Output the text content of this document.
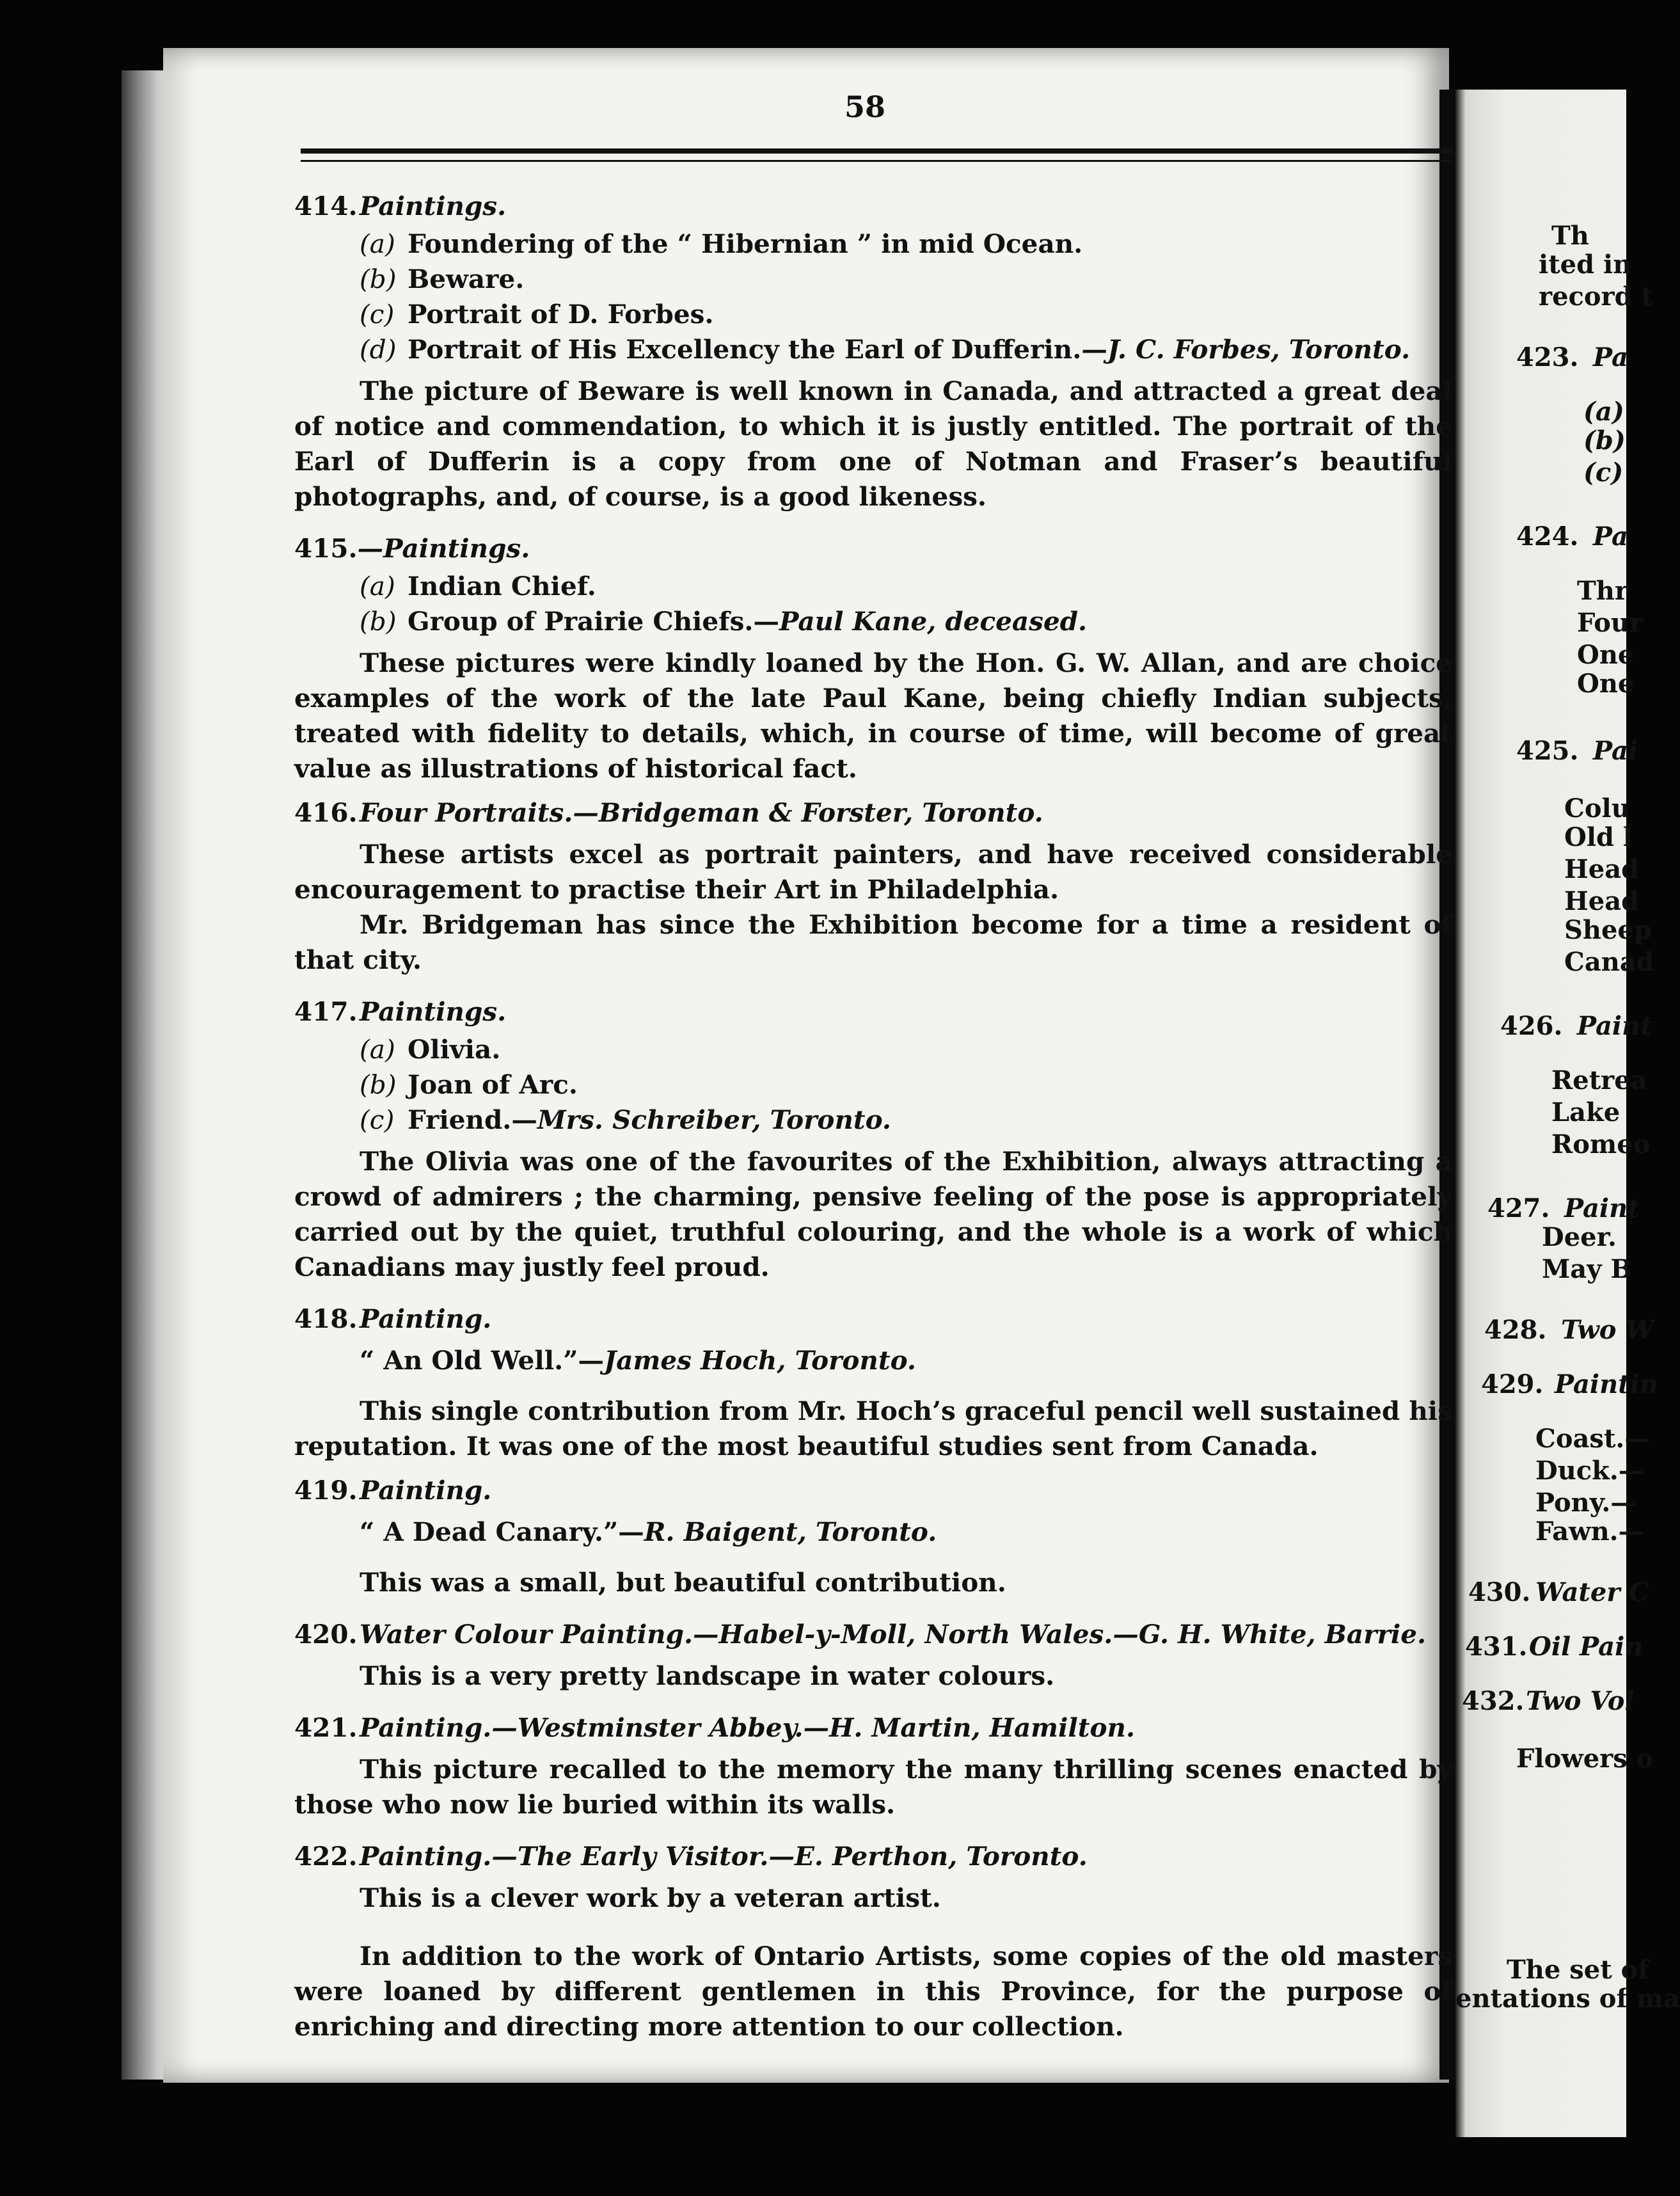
58
414.Paintings.
(a) Foundering of the “ Hibernian ” in mid Ocean.
(b) Beware.
(c) Portrait of D. Forbes.
(d) Portrait of His Excellency the Earl of Dufferin.—J. C. Forbes, Toronto.

The picture of Beware is well known in Canada, and attracted a great deal of notice and commendation, to which it is justly entitled. The portrait of the Earl of Dufferin is a copy from one of Notman and Fraser’s beautiful photographs, and, of course, is a good likeness.

415.—Paintings.
(a) Indian Chief.
(b) Group of Prairie Chiefs.—Paul Kane, deceased.

These pictures were kindly loaned by the Hon. G. W. Allan, and are choice examples of the work of the late Paul Kane, being chiefly Indian subjects, treated with fidelity to details, which, in course of time, will become of great value as illustrations of historical fact.

416.Four Portraits.—Bridgeman & Forster, Toronto.

These artists excel as portrait painters, and have received considerable encouragement to practise their Art in Philadelphia.

Mr. Bridgeman has since the Exhibition become for a time a resident of that city.

417.Paintings.
(a) Olivia.
(b) Joan of Arc.
(c) Friend.—Mrs. Schreiber, Toronto.

The Olivia was one of the favourites of the Exhibition, always attracting a crowd of admirers ; the charming, pensive feeling of the pose is appropriately carried out by the quiet, truthful colouring, and the whole is a work of which Canadians may justly feel proud.

418.Painting.
“ An Old Well.”—James Hoch, Toronto.

This single contribution from Mr. Hoch’s graceful pencil well sustained his reputation. It was one of the most beautiful studies sent from Canada.

419.Painting.
“ A Dead Canary.”—R. Baigent, Toronto.

This was a small, but beautiful contribution.

420.Water Colour Painting.—Habel-y-Moll, North Wales.—G. H. White, Barrie.

This is a very pretty landscape in water colours.

421.Painting.—Westminster Abbey.—H. Martin, Hamilton.

This picture recalled to the memory the many thrilling scenes enacted by those who now lie buried within its walls.

422.Painting.—The Early Visitor.—E. Perthon, Toronto.

This is a clever work by a veteran artist.

In addition to the work of Ontario Artists, some copies of the old masters were loaned by different gentlemen in this Province, for the purpose of enriching and directing more attention to our collection.

Th
ited in
record t
423. Pa
(a)
(b)
(c)
424. Pa
Thr
Four
One
One
425. Pai
Colu
Old l
Head
Head
Sheep
Canad
426. Paint
Retrea
Lake
Romeo
427. Paint
Deer.
May B
428. Two W
429. Paintin
Coast.—
Duck.—
Pony.—
Fawn.—
430. Water C
431. Oil Pain
432. Two Vol
Flowers o
The set of
entations of ma
